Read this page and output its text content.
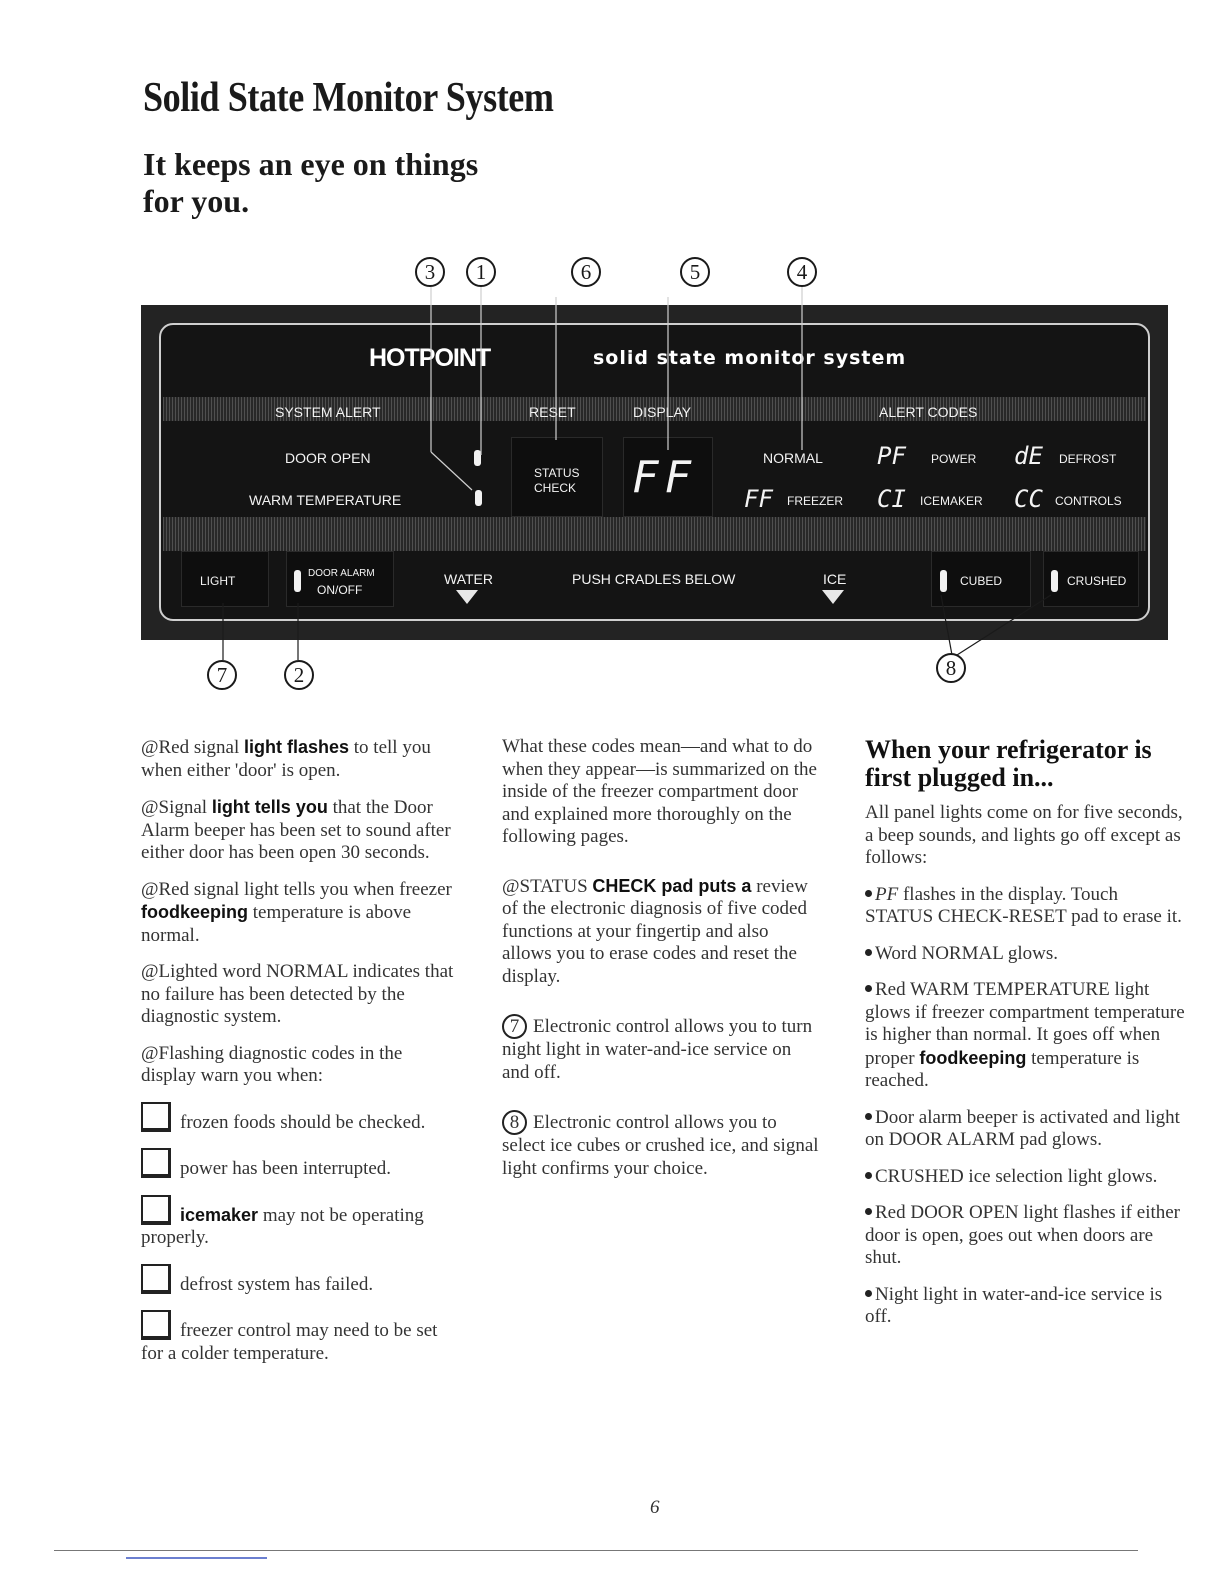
Solid State Monitor System
It keeps an eye on things for you.
3	1	6	5	4
HOTPOINT	solid state monitor system
SYSTEM ALERT	RESET	DISPLAY	ALERT CODES
DOOR OPEN
WARM TEMPERATURE
STATUS
CHECK FF	NORMAL PF POWER dE DEFROST
FF FREEZER CI ICEMAKER CC CONTROLS
LIGHT
DOOR ALARM
ON/OFF
WATER	PUSH CRADLES BELOW	ICE	CUBED	CRUSHED
7	2	8

@Red signal light flashes to tell you when either 'door' is open.

@Signal light tells you that the Door Alarm beeper has been set to sound after either door has been open 30 seconds.

@Red signal light tells you when freezer foodkeeping temperature is above normal.

@Lighted word NORMAL indicates that no failure has been detected by the diagnostic system.

@Flashing diagnostic codes in the display warn you when:

frozen foods should be checked.

power has been interrupted.

icemaker may not be operating properly.

defrost system has failed.

freezer control may need to be set for a colder temperature.

What these codes mean—and what to do when they appear—is summarized on the inside of the freezer compartment door and explained more thoroughly on the following pages.

@STATUS CHECK pad puts a review of the electronic diagnosis of five coded functions at your fingertip and also allows you to erase codes and reset the display.

7 Electronic control allows you to turn night light in water-and-ice service on and off.

8 Electronic control allows you to select ice cubes or crushed ice, and signal light confirms your choice.

When your refrigerator is first plugged in...

All panel lights come on for five seconds, a beep sounds, and lights go off except as follows:

PF flashes in the display. Touch STATUS CHECK-RESET pad to erase it.

Word NORMAL glows.

Red WARM TEMPERATURE light glows if freezer compartment temperature is higher than normal. It goes off when proper foodkeeping temperature is reached.

Door alarm beeper is activated and light on DOOR ALARM pad glows.

CRUSHED ice selection light glows.

Red DOOR OPEN light flashes if either door is open, goes out when doors are shut.

Night light in water-and-ice service is off.

6
